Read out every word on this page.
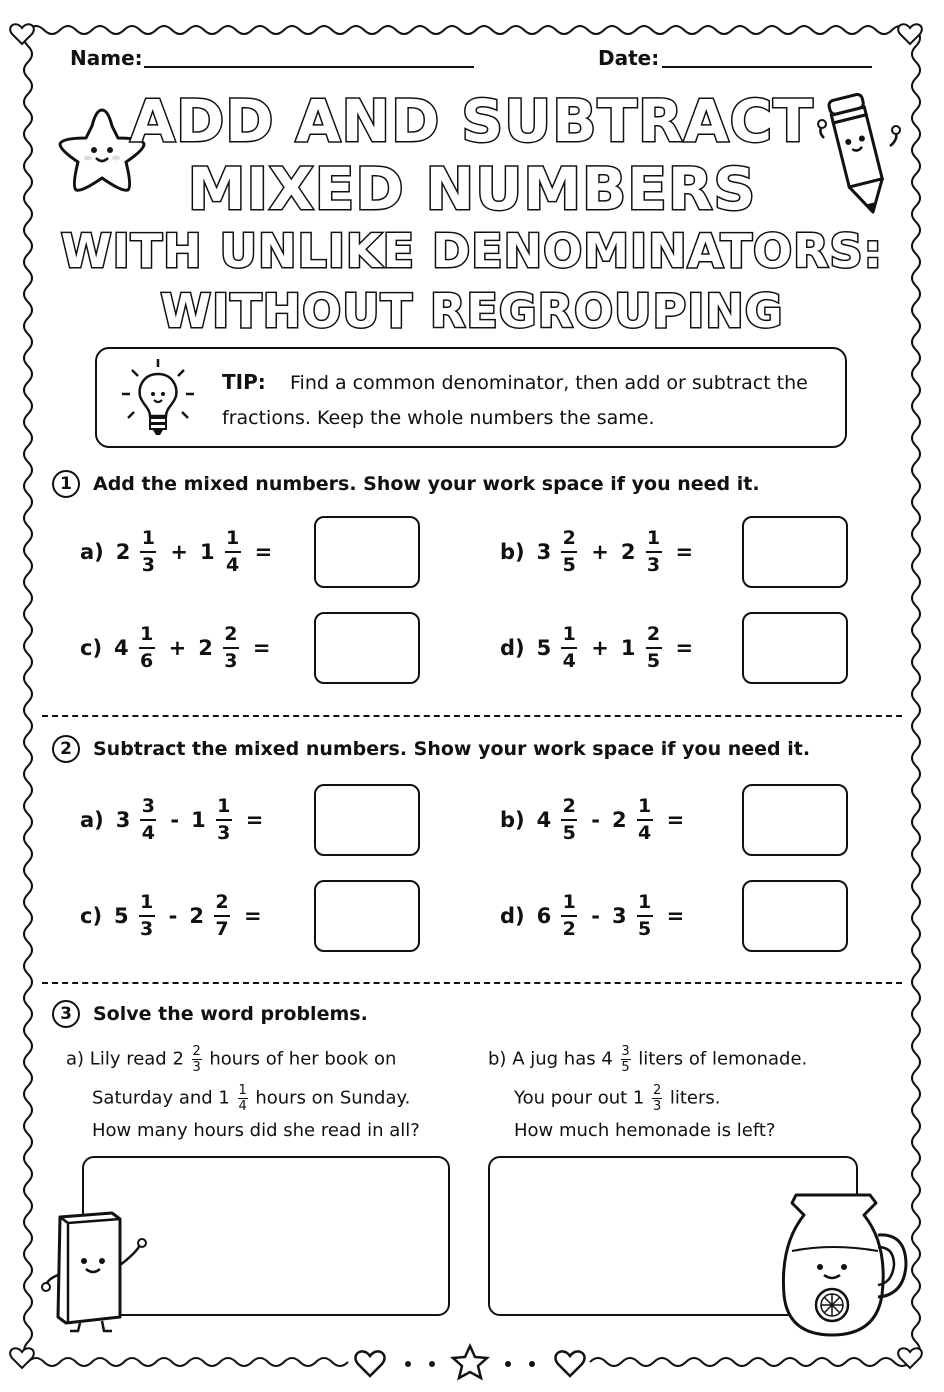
Name:	Date:
ADD AND SUBTRACT
MIXED NUMBERS
WITH UNLIKE DENOMINATORS:
WITHOUT REGROUPING
TIP: Find a common denominator, then add or subtract the
fractions. Keep the whole numbers the same.
1	Add the mixed numbers. Show your work space if you need it.
a) $2 \frac{1}{3} + 1 \frac{1}{4}$ =	b) $3 \frac{2}{5} + 2 \frac{1}{3}$ =
c) $4 \frac{1}{6} + 2 \frac{2}{3}$ =	d) $5 \frac{1}{4} + 1 \frac{2}{5}$ =
2	Subtract the mixed numbers. Show your work space if you need it.
a) $3 \frac{3}{4} - 1 \frac{1}{3}$ =	b) $4 \frac{2}{5} - 2 \frac{1}{4}$ =
c) $5 \frac{1}{3} - 2 \frac{2}{7}$ =	d) $6 \frac{1}{2} - 3 \frac{1}{5}$ =
3	Solve the word problems.
a) Lily read $2 \frac{2}{3}$ hours of her book on
Saturday and $1 \frac{1}{4}$ hours on Sunday.
How many hours did she read in all?
b) A jug has $4 \frac{3}{5}$ liters of lemonade.
You pour out $1 \frac{2}{3}$ liters.
How much hemonade is left?
